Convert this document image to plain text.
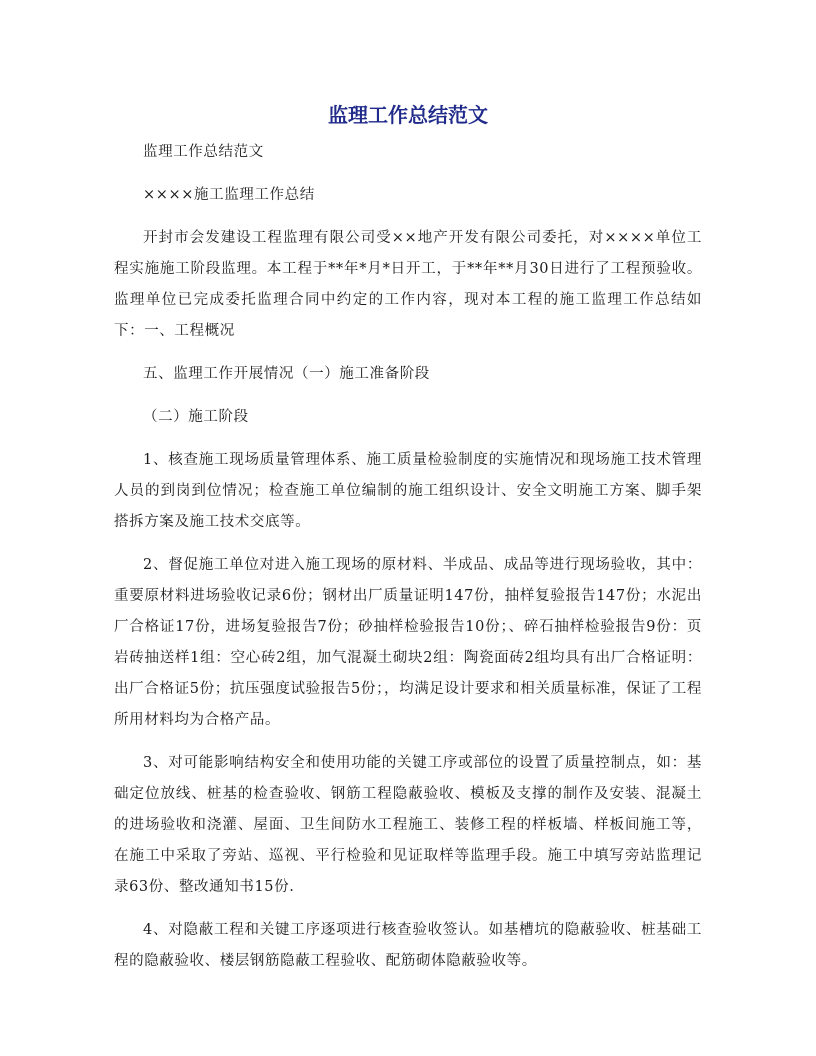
监理工作总结范文

监理工作总结范文

××××施工监理工作总结

开封市会发建设工程监理有限公司受××地产开发有限公司委托，对××××单位工程实施施工阶段监理。本工程于**年*月*日开工，于**年**月30日进行了工程预验收。监理单位已完成委托监理合同中约定的工作内容，现对本工程的施工监理工作总结如下：一、工程概况

五、监理工作开展情况（一）施工准备阶段

（二）施工阶段

1、核查施工现场质量管理体系、施工质量检验制度的实施情况和现场施工技术管理人员的到岗到位情况；检查施工单位编制的施工组织设计、安全文明施工方案、脚手架搭拆方案及施工技术交底等。

2、督促施工单位对进入施工现场的原材料、半成品、成品等进行现场验收，其中：重要原材料进场验收记录6份；钢材出厂质量证明147份，抽样复验报告147份；水泥出厂合格证17份，进场复验报告7份；砂抽样检验报告10份；、碎石抽样检验报告9份：页岩砖抽送样1组：空心砖2组，加气混凝土砌块2组：陶瓷面砖2组均具有出厂合格证明：出厂合格证5份；抗压强度试验报告5份；，均满足设计要求和相关质量标准，保证了工程所用材料均为合格产品。

3、对可能影响结构安全和使用功能的关键工序或部位的设置了质量控制点，如：基础定位放线、桩基的检查验收、钢筋工程隐蔽验收、模板及支撑的制作及安装、混凝土的进场验收和浇灌、屋面、卫生间防水工程施工、装修工程的样板墙、样板间施工等，在施工中采取了旁站、巡视、平行检验和见证取样等监理手段。施工中填写旁站监理记录63份、整改通知书15份.

4、对隐蔽工程和关键工序逐项进行核查验收签认。如基槽坑的隐蔽验收、桩基础工程的隐蔽验收、楼层钢筋隐蔽工程验收、配筋砌体隐蔽验收等。
